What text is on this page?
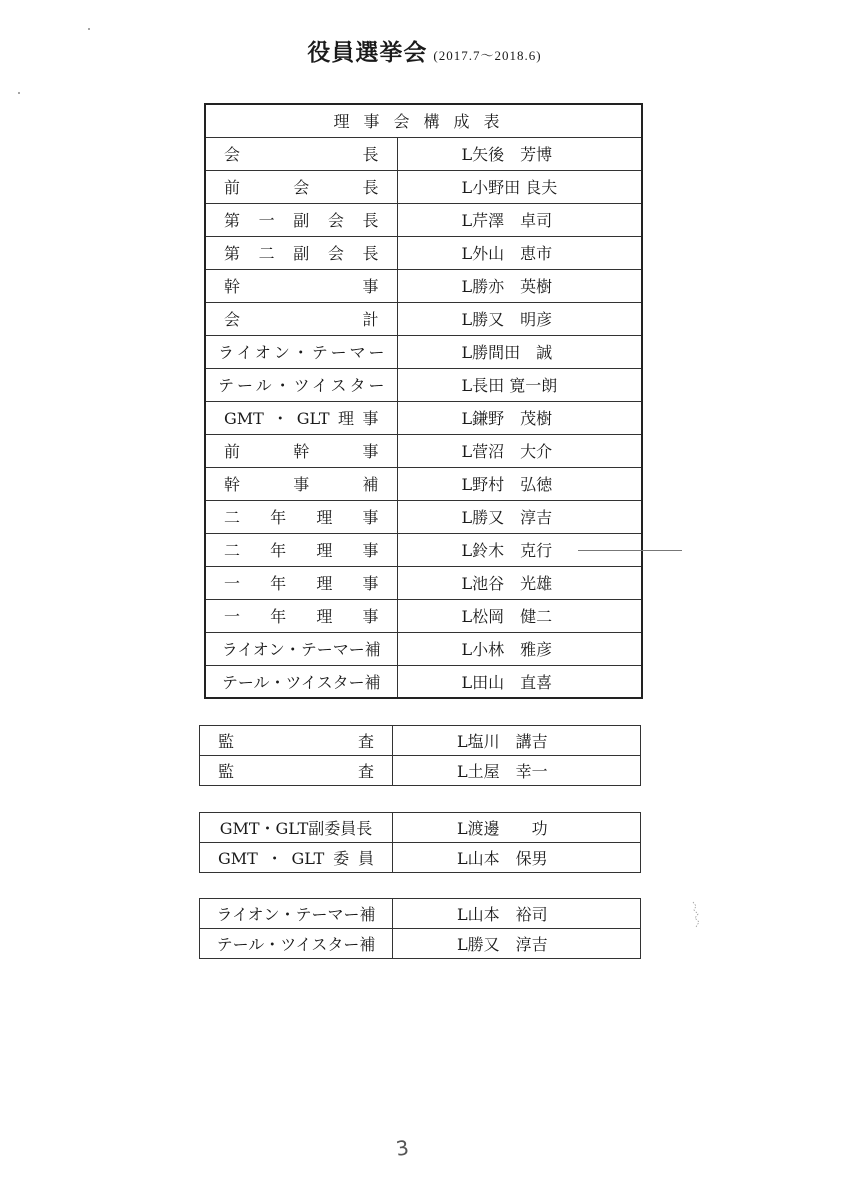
役員選挙会 (2017.7～2018.6)
理事会構成表	
会長	L矢後　芳博
前会長	L小野田 良夫
第一副会長	L芹澤　卓司
第二副会長	L外山　恵市
幹事	L勝亦　英樹
会計	L勝又　明彦
ライオン・テーマー	L勝間田　誠
テール・ツイスター	L長田 寛一朗
GMT・GLT理事	L鎌野　茂樹
前幹事	L菅沼　大介
幹事補	L野村　弘徳
二年理事	L勝又　淳吉
二年理事	L鈴木　克行
一年理事	L池谷　光雄
一年理事	L松岡　健二
ライオン・テーマー補	L小林　雅彦
テール・ツイスター補	L田山　直喜
監査	L塩川　講吉
監査	L土屋　幸一
GMT・GLT副委員長	L渡邊　　功
GMT・GLT委員	L山本　保男
ライオン・テーマー補	L山本　裕司
テール・ツイスター補	L勝又　淳吉
3
